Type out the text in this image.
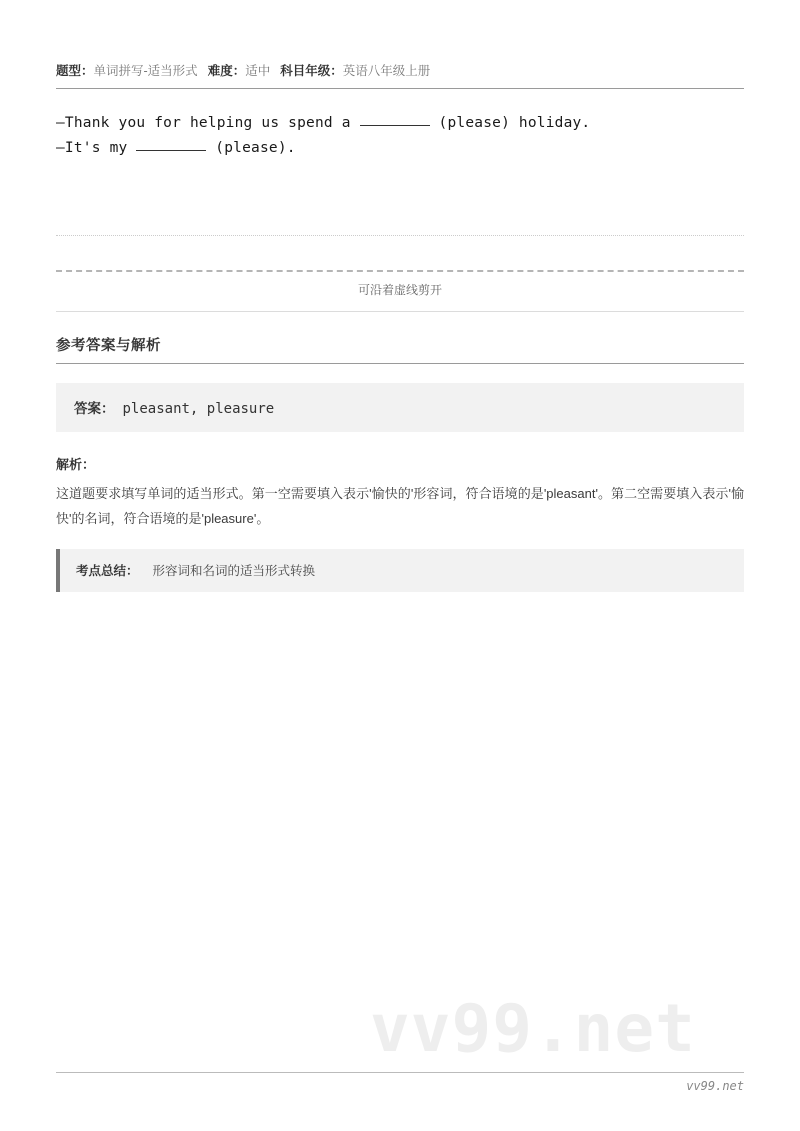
题型：单词拼写-适当形式 难度：适中 科目年级：英语八年级上册
—Thank you for helping us spend a	(please) holiday.
—It's my	(please).
可沿着虚线剪开
参考答案与解析
答案： pleasant, pleasure
解析：
这道题要求填写单词的适当形式。第一空需要填入表示'愉快的'形容词，符合语境的是'pleasant'。第二空需要填入表示'愉快'的名词，符合语境的是'pleasure'。
考点总结： 形容词和名词的适当形式转换
vv99.net
vv99.net
